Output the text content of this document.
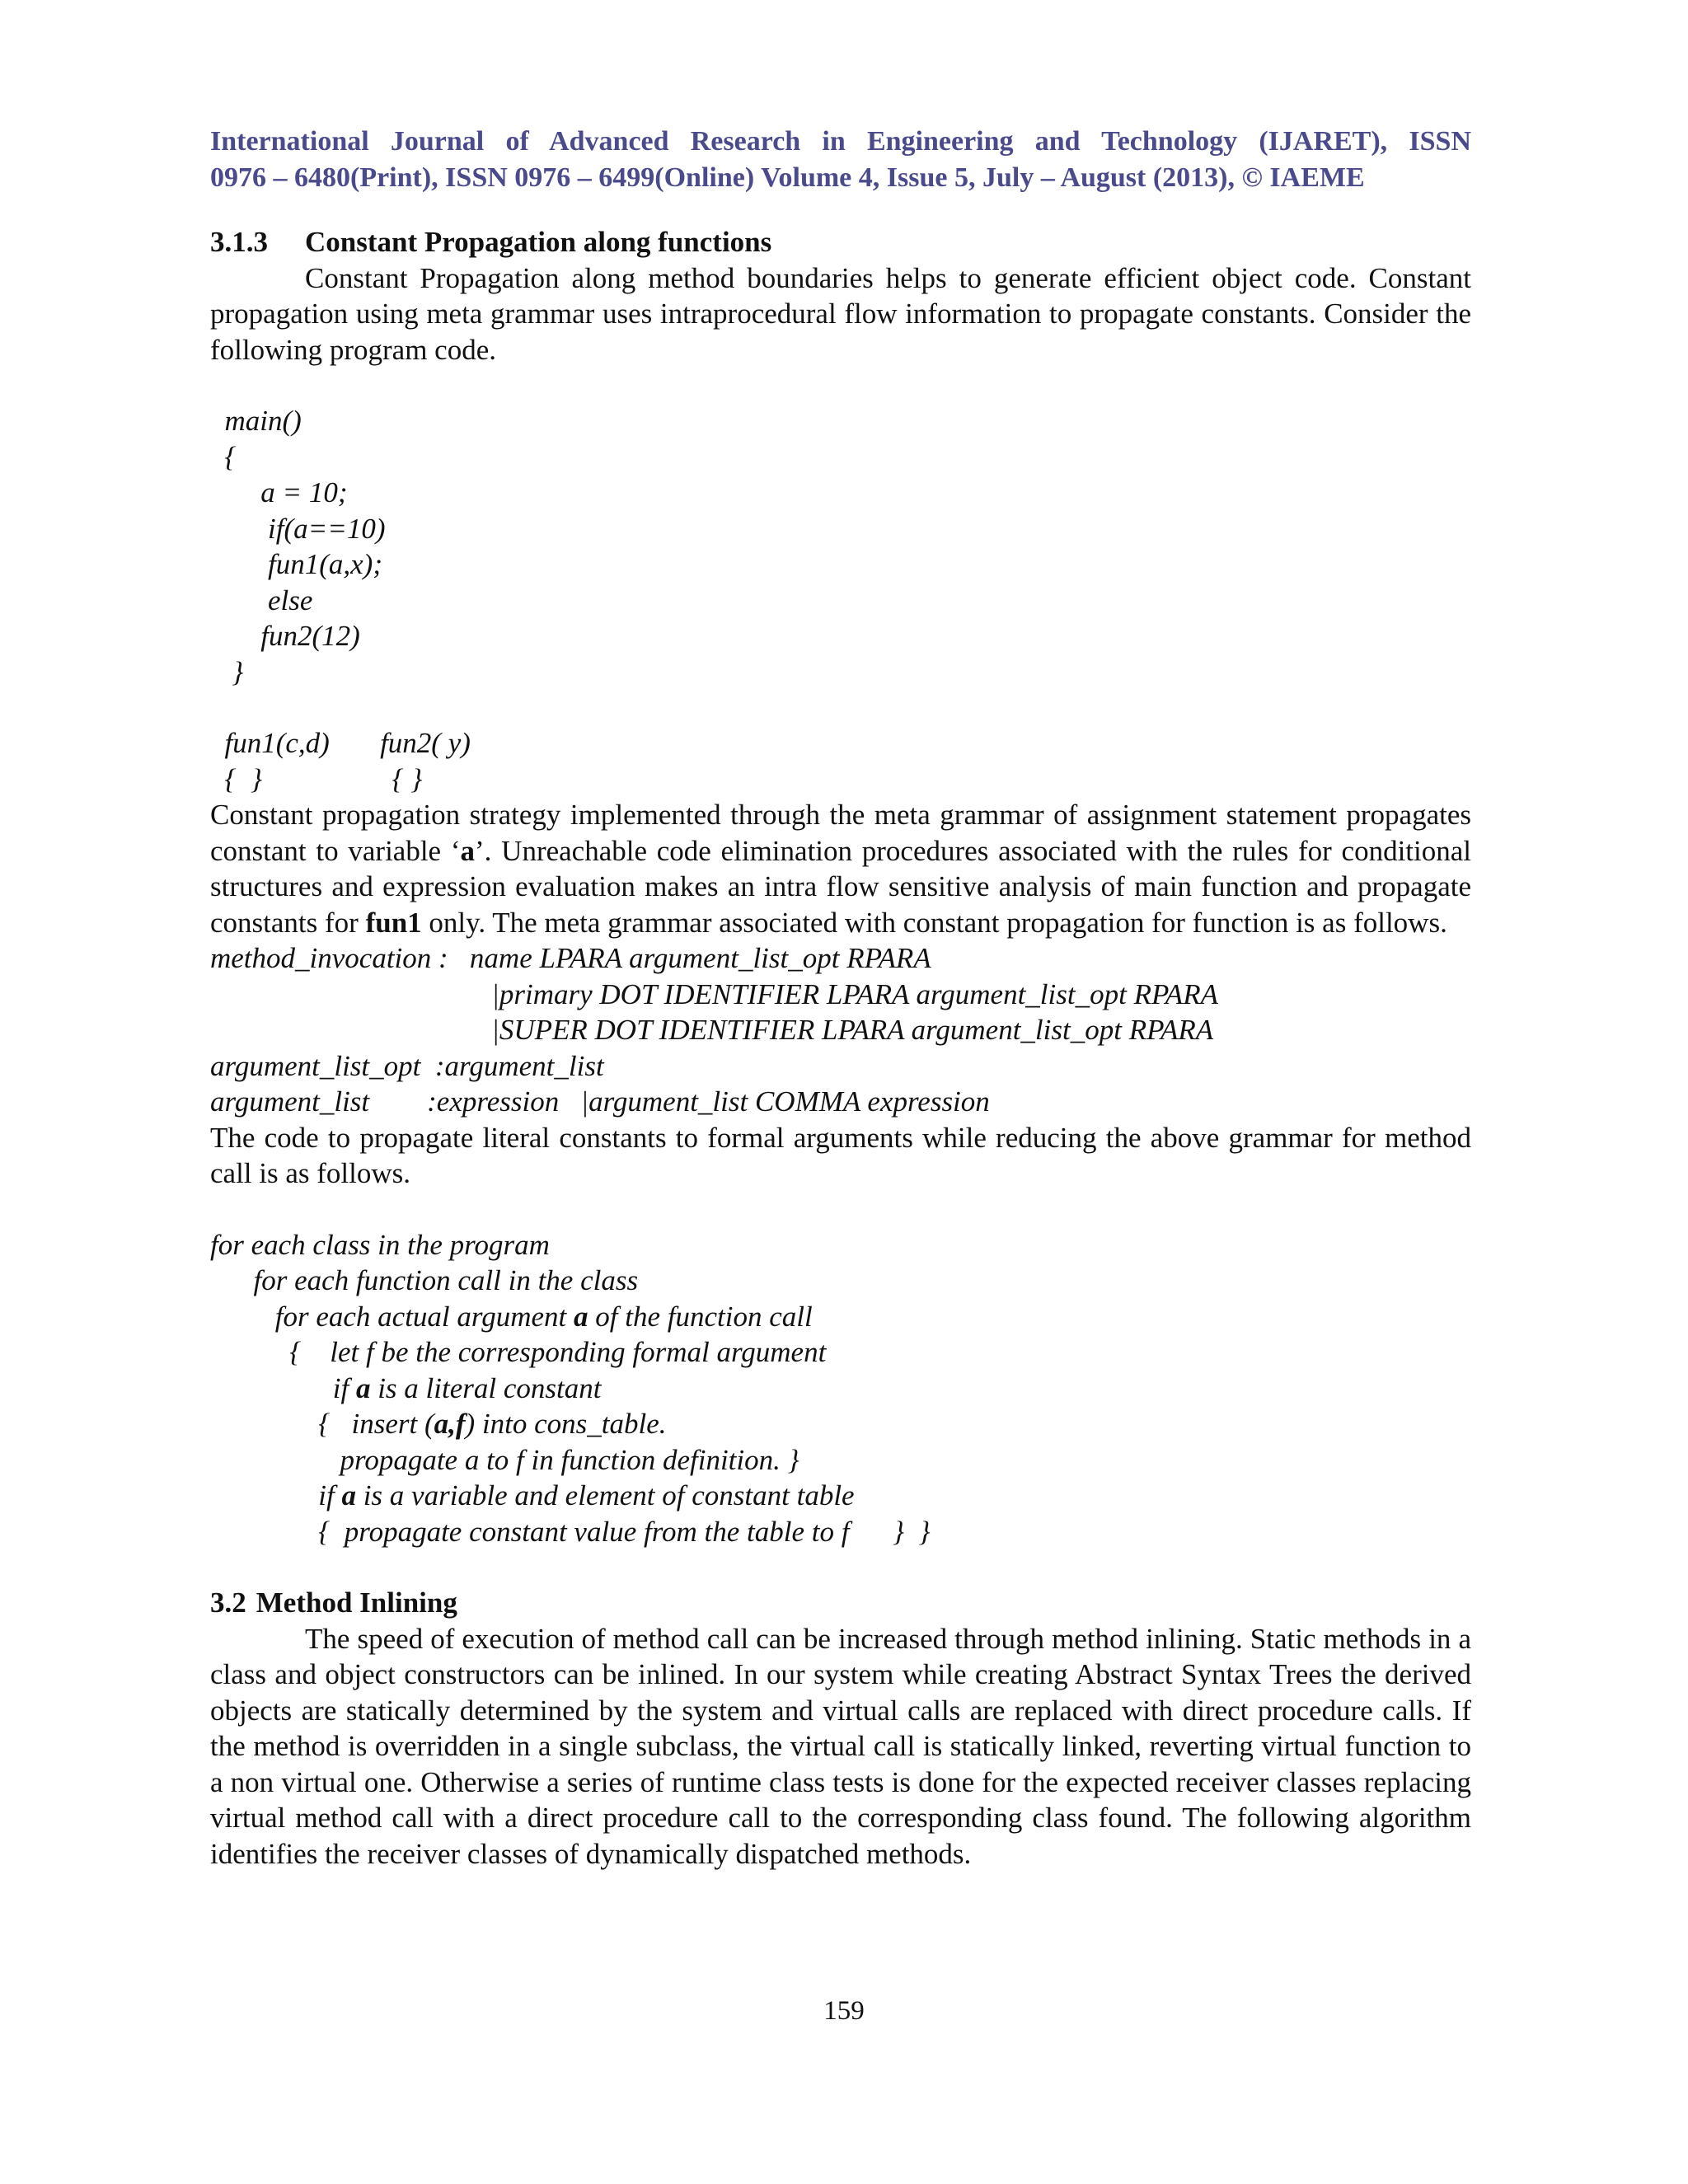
International Journal of Advanced Research in Engineering and Technology (IJARET), ISSN
0976 – 6480(Print), ISSN 0976 – 6499(Online) Volume 4, Issue 5, July – August (2013), © IAEME

3.1.3 Constant Propagation along functions

Constant Propagation along method boundaries helps to generate efficient object code. Constant propagation using meta grammar uses intraprocedural flow information to propagate constants. Consider the following program code.

main()
{
a = 10;
if(a==10)
fun1(a,x);
else
fun2(12)
}
fun1(c,d)       fun2( y)
{  }                  { }

Constant propagation strategy implemented through the meta grammar of assignment statement propagates constant to variable ‘a’. Unreachable code elimination procedures associated with the rules for conditional structures and expression evaluation makes an intra flow sensitive analysis of main function and propagate constants for fun1 only. The meta grammar associated with constant propagation for function is as follows.

method_invocation :   name LPARA argument_list_opt RPARA
|primary DOT IDENTIFIER LPARA argument_list_opt RPARA
|SUPER DOT IDENTIFIER LPARA argument_list_opt RPARA
argument_list_opt  :argument_list
argument_list        :expression   |argument_list COMMA expression

The code to propagate literal constants to formal arguments while reducing the above grammar for method call is as follows.

for each class in the program
for each function call in the class
for each actual argument a of the function call
{    let f be the corresponding formal argument
if a is a literal constant
{   insert (a,f) into cons_table.
propagate a to f in function definition. }
if a is a variable and element of constant table
{  propagate constant value from the table to f      }  }

3.2 Method Inlining

The speed of execution of method call can be increased through method inlining. Static methods in a class and object constructors can be inlined. In our system while creating Abstract Syntax Trees the derived objects are statically determined by the system and virtual calls are replaced with direct procedure calls. If the method is overridden in a single subclass, the virtual call is statically linked, reverting virtual function to a non virtual one. Otherwise a series of runtime class tests is done for the expected receiver classes replacing virtual method call with a direct procedure call to the corresponding class found. The following algorithm identifies the receiver classes of dynamically dispatched methods.

159
